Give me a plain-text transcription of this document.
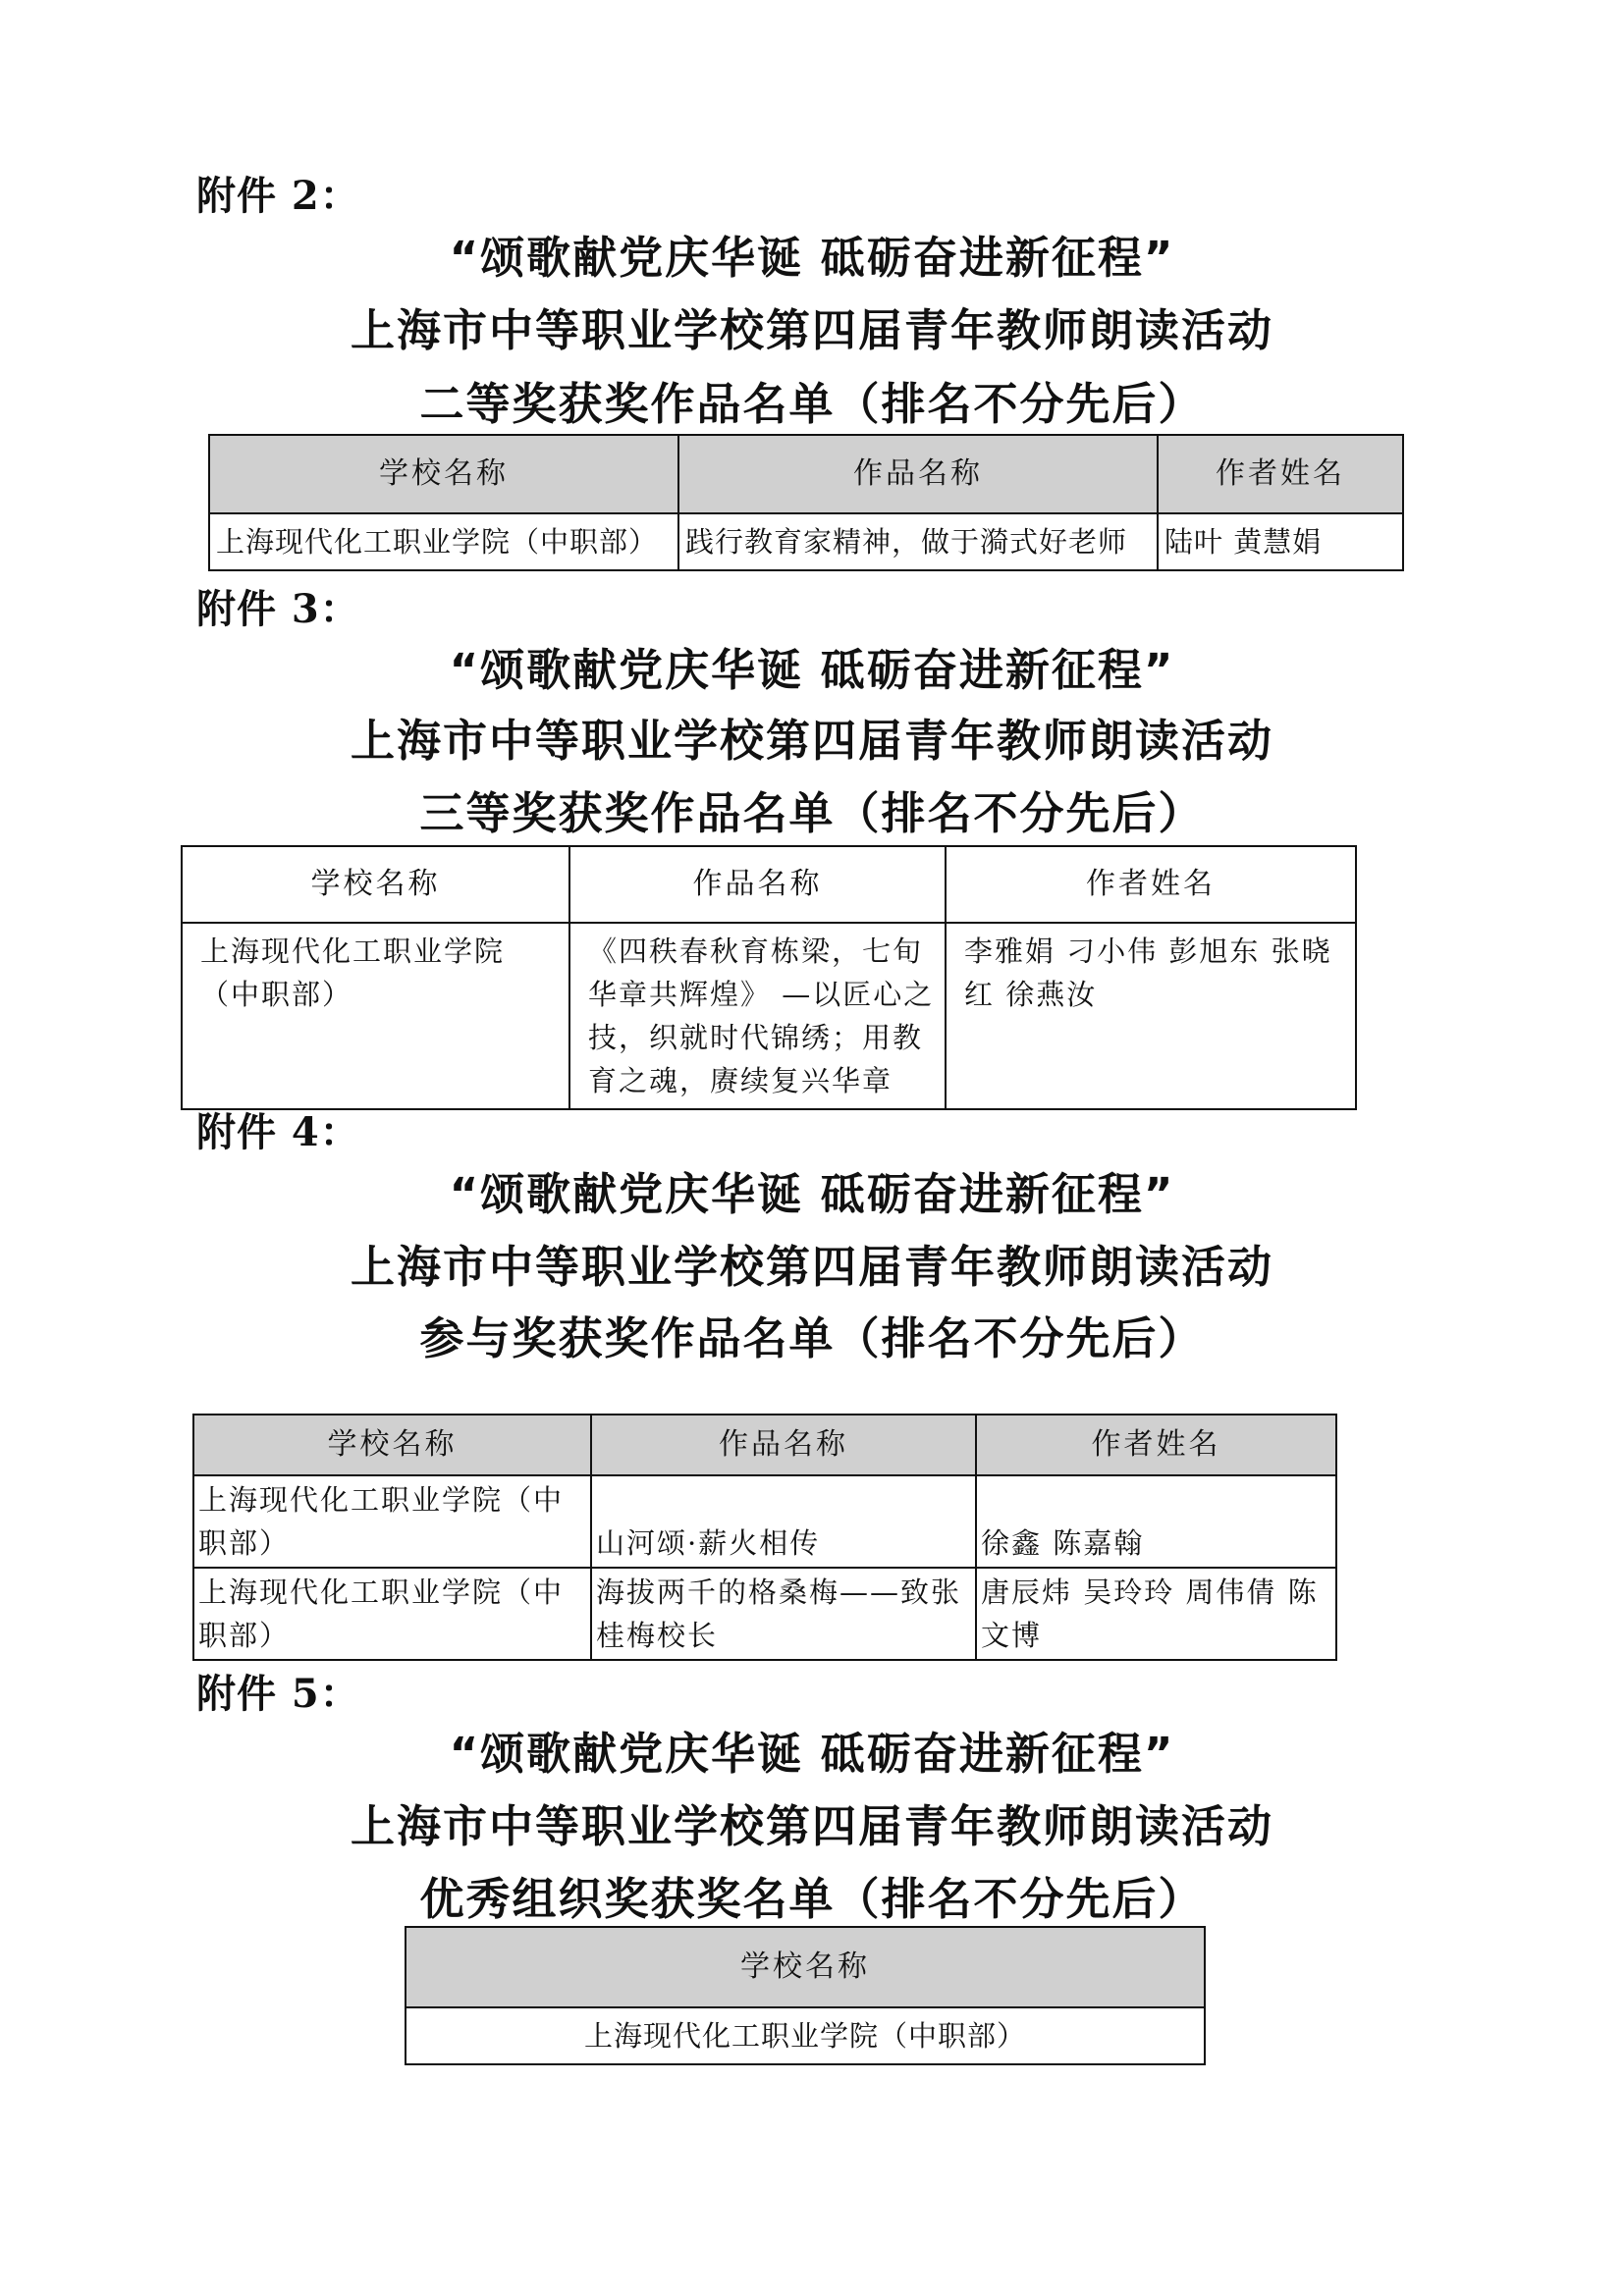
附件 2：
“颂歌献党庆华诞 砥砺奋进新征程”
上海市中等职业学校第四届青年教师朗读活动
二等奖获奖作品名单（排名不分先后）
学校名称	作品名称	作者姓名
上海现代化工职业学院（中职部）	践行教育家精神，做于漪式好老师	陆叶 黄慧娟
附件 3：
“颂歌献党庆华诞 砥砺奋进新征程”
上海市中等职业学校第四届青年教师朗读活动
三等奖获奖作品名单（排名不分先后）
学校名称	作品名称	作者姓名
上海现代化工职业学院（中职部）	《四秩春秋育栋梁，七旬华章共辉煌》 —以匠心之技，织就时代锦绣；用教育之魂，赓续复兴华章	李雅娟 刁小伟 彭旭东 张晓红 徐燕汝
附件 4：
“颂歌献党庆华诞 砥砺奋进新征程”
上海市中等职业学校第四届青年教师朗读活动
参与奖获奖作品名单（排名不分先后）
学校名称	作品名称	作者姓名
上海现代化工职业学院（中职部）	山河颂·薪火相传	徐鑫 陈嘉翰
上海现代化工职业学院（中职部）	海拔两千的格桑梅——致张桂梅校长	唐辰炜 吴玲玲 周伟倩 陈文博
附件 5：
“颂歌献党庆华诞 砥砺奋进新征程”
上海市中等职业学校第四届青年教师朗读活动
优秀组织奖获奖名单（排名不分先后）
学校名称
上海现代化工职业学院（中职部）
